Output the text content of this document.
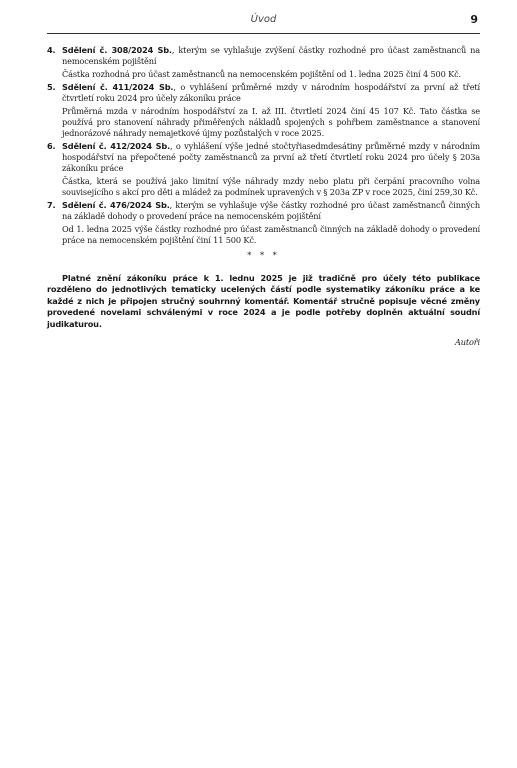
Úvod	9
4. Sdělení č. 308/2024 Sb., kterým se vyhlašuje zvýšení částky rozhodné pro účast zaměstnanců na nemocenském pojištění

Částka rozhodná pro účast zaměstnanců na nemocenském pojištění od 1. ledna 2025 činí 4 500 Kč.

5. Sdělení č. 411/2024 Sb., o vyhlášení průměrné mzdy v národním hospodářství za první až třetí čtvrtletí roku 2024 pro účely zákoníku práce

Průměrná mzda v národním hospodářství za I. až III. čtvrtletí 2024 činí 45 107 Kč. Tato částka se používá pro stanovení náhrady přiměřených nákladů spojených s pohřbem zaměstnance a stanovení jednorázové náhrady nemajetkové újmy pozůstalých v roce 2025.

6. Sdělení č. 412/2024 Sb., o vyhlášení výše jedné stočtyřiasedmdesátiny průměrné mzdy v národním hospodářství na přepočtené počty zaměstnanců za první až třetí čtvrtletí roku 2024 pro účely § 203a zákoníku práce

Částka, která se používá jako limitní výše náhrady mzdy nebo platu při čerpání pracovního volna souvisejícího s akcí pro děti a mládež za podmínek upravených v § 203a ZP v roce 2025, činí 259,30 Kč.

7. Sdělení č. 476/2024 Sb., kterým se vyhlašuje výše částky rozhodné pro účast zaměstnanců činných na základě dohody o provedení práce na nemocenském pojištění

Od 1. ledna 2025 výše částky rozhodné pro účast zaměstnanců činných na základě dohody o provedení práce na nemocenském pojištění činí 11 500 Kč.

* * *

Platné znění zákoníku práce k 1. lednu 2025 je již tradičně pro účely této publikace rozděleno do jednotlivých tematicky ucelených částí podle systematiky zákoníku práce a ke každé z nich je připojen stručný souhrnný komentář. Komentář stručně popisuje věcné změny provedené novelami schválenými v roce 2024 a je podle potřeby doplněn aktuální soudní judikaturou.

Autoři
